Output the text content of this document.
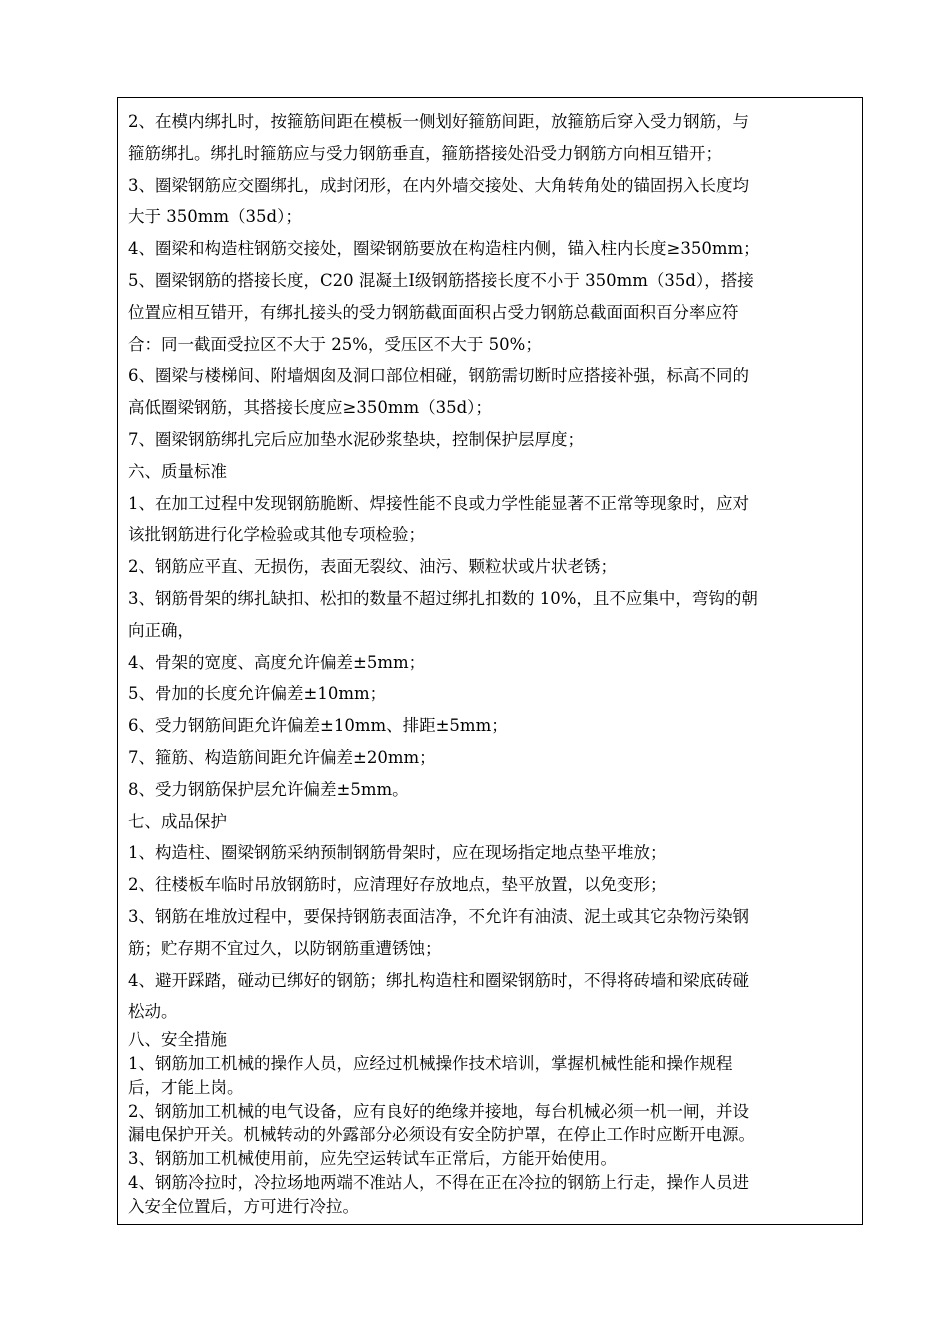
2、在模内绑扎时，按箍筋间距在模板一侧划好箍筋间距，放箍筋后穿入受力钢筋，与

箍筋绑扎。绑扎时箍筋应与受力钢筋垂直，箍筋搭接处沿受力钢筋方向相互错开；

3、圈梁钢筋应交圈绑扎，成封闭形，在内外墙交接处、大角转角处的锚固拐入长度均

大于 350mm（35d）；

4、圈梁和构造柱钢筋交接处，圈梁钢筋要放在构造柱内侧，锚入柱内长度≥350mm；

5、圈梁钢筋的搭接长度，C20 混凝土Ⅰ级钢筋搭接长度不小于 350mm（35d），搭接

位置应相互错开，有绑扎接头的受力钢筋截面面积占受力钢筋总截面面积百分率应符

合：同一截面受拉区不大于 25%，受压区不大于 50%；

6、圈梁与楼梯间、附墙烟囱及洞口部位相碰，钢筋需切断时应搭接补强，标高不同的

高低圈梁钢筋，其搭接长度应≥350mm（35d）；

7、圈梁钢筋绑扎完后应加垫水泥砂浆垫块，控制保护层厚度；

六、质量标准

1、在加工过程中发现钢筋脆断、焊接性能不良或力学性能显著不正常等现象时，应对

该批钢筋进行化学检验或其他专项检验；

2、钢筋应平直、无损伤，表面无裂纹、油污、颗粒状或片状老锈；

3、钢筋骨架的绑扎缺扣、松扣的数量不超过绑扎扣数的 10%，且不应集中，弯钩的朝

向正确，

4、骨架的宽度、高度允许偏差±5mm；

5、骨加的长度允许偏差±10mm；

6、受力钢筋间距允许偏差±10mm、排距±5mm；

7、箍筋、构造筋间距允许偏差±20mm；

8、受力钢筋保护层允许偏差±5mm。

七、成品保护

1、构造柱、圈梁钢筋采纳预制钢筋骨架时，应在现场指定地点垫平堆放；

2、往楼板车临时吊放钢筋时，应清理好存放地点，垫平放置，以免变形；

3、钢筋在堆放过程中，要保持钢筋表面洁净，不允许有油渍、泥土或其它杂物污染钢

筋；贮存期不宜过久，以防钢筋重遭锈蚀；

4、避开踩踏，碰动已绑好的钢筋；绑扎构造柱和圈梁钢筋时，不得将砖墙和梁底砖碰

松动。

八、安全措施

1、钢筋加工机械的操作人员，应经过机械操作技术培训，掌握机械性能和操作规程

后，才能上岗。

2、钢筋加工机械的电气设备，应有良好的绝缘并接地，每台机械必须一机一闸，并设

漏电保护开关。机械转动的外露部分必须设有安全防护罩，在停止工作时应断开电源。

3、钢筋加工机械使用前，应先空运转试车正常后，方能开始使用。

4、钢筋冷拉时，冷拉场地两端不准站人，不得在正在冷拉的钢筋上行走，操作人员进

入安全位置后，方可进行冷拉。
